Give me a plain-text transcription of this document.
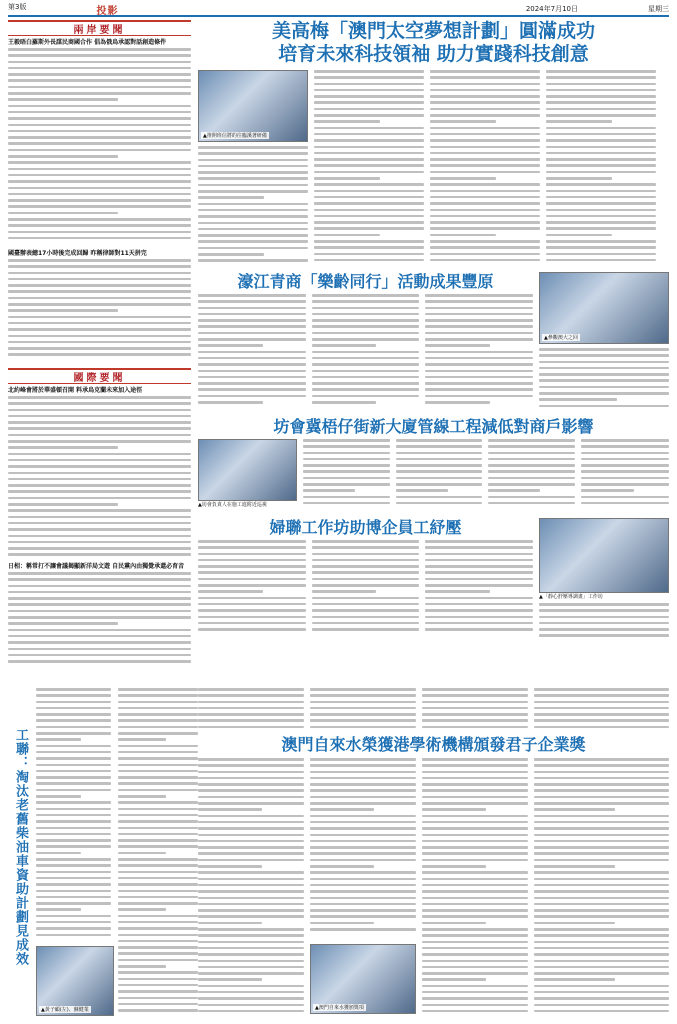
第3版	投影	2024年7月10日	星期三
兩岸要聞
王毅晤白羅斯外長謀民商國合作 倡為俄烏承認對話創造條件
國臺辦表總17小時後完成回歸 昨稱律師對11天拼完
國際要聞
北約峰會將於華盛頓召開 料承烏克蘭未來加入途徑
日相：稱常打不讓會議揭顯新洋局文遊 自民黨內由獨覺承還必育音
美高梅「澳門太空夢想計劃」圓滿成功
培育未來科技領袖 助力實踐科技創意
▲推開班信將的往臨溪著研備
濠江青商「樂齡同行」活動成果豐原
▲參觀澳大之回
坊會冀梧仔街新大廈管線工程減低對商戶影響
▲坊會負責人在施工進附近巡視
婦聯工作坊助博企員工紓壓
▲「靜心舒壓導調畫」工作坊
工聯：淘汰老舊柴油車資助計劃見成效
▲黃子顧(左)、蘇健業
澳門自來水榮獲港學術機構頒發君子企業獎
▲澳門自來水獲頒獎項
